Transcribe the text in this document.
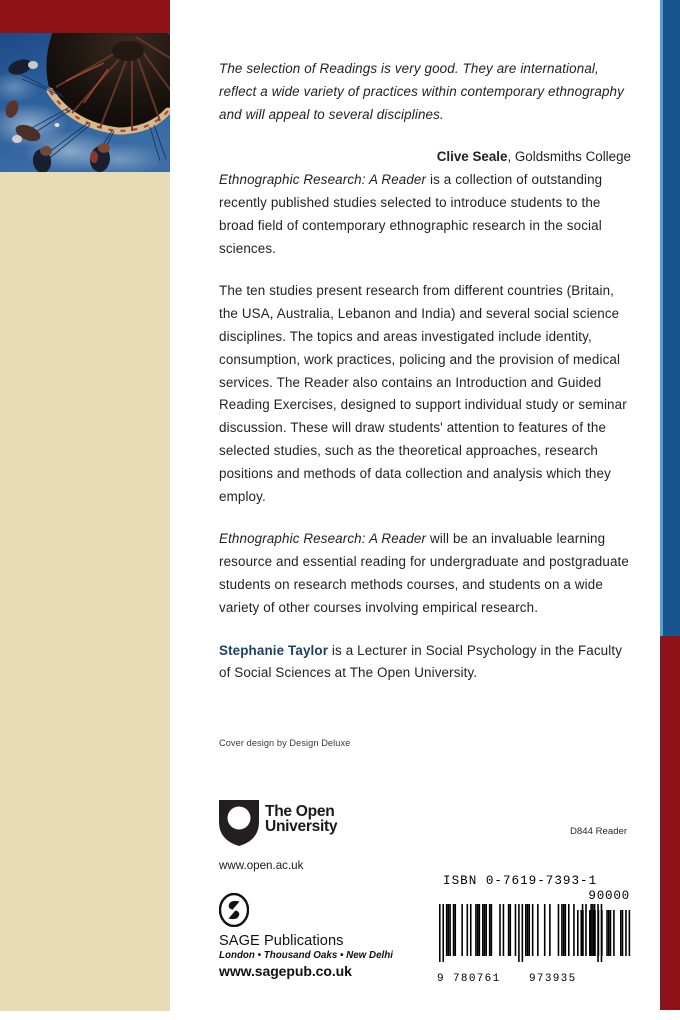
The selection of Readings is very good. They are international, reflect a wide variety of practices within contemporary ethnography and will appeal to several disciplines.

Clive Seale, Goldsmiths College

Ethnographic Research: A Reader is a collection of outstanding recently published studies selected to introduce students to the broad field of contemporary ethnographic research in the social sciences.

The ten studies present research from different countries (Britain, the USA, Australia, Lebanon and India) and several social science disciplines. The topics and areas investigated include identity, consumption, work practices, policing and the provision of medical services. The Reader also contains an Introduction and Guided Reading Exercises, designed to support individual study or seminar discussion. These will draw students' attention to features of the selected studies, such as the theoretical approaches, research positions and methods of data collection and analysis which they employ.

Ethnographic Research: A Reader will be an invaluable learning resource and essential reading for undergraduate and postgraduate students on research methods courses, and students on a wide variety of other courses involving empirical research.

Stephanie Taylor is a Lecturer in Social Psychology in the Faculty of Social Sciences at The Open University.

Cover design by Design Deluxe
The Open
University
www.open.ac.uk
D844 Reader
SAGE Publications
London • Thousand Oaks • New Delhi
www.sagepub.co.uk
ISBN 0-7619-7393-1
90000
9 780761	973935
